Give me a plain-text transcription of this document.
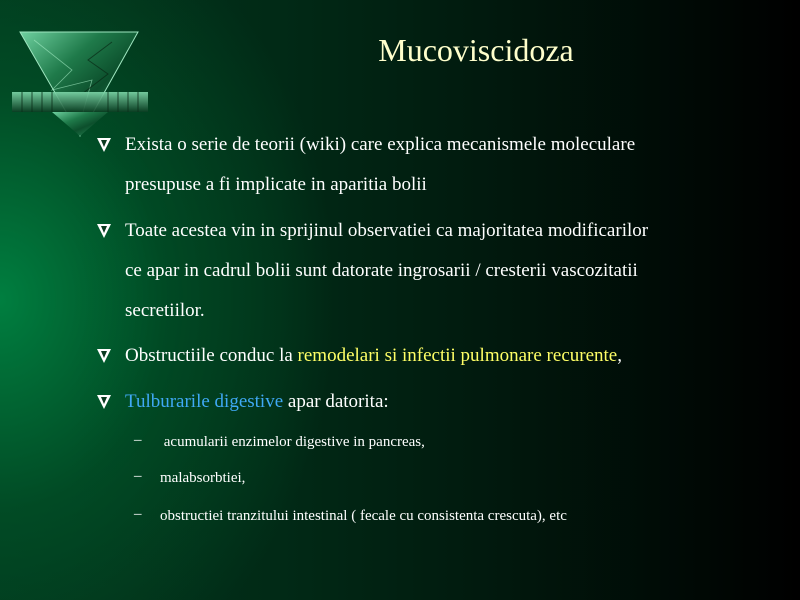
Mucoviscidoza
Exista o serie de teorii (wiki) care explica mecanismele moleculare
presupuse a fi implicate in aparitia bolii
Toate acestea vin in sprijinul observatiei ca majoritatea modificarilor
ce apar in cadrul bolii sunt datorate ingrosarii / cresterii vascozitatii
secretiilor.
Obstructiile conduc la remodelari si infectii pulmonare recurente,
Tulburarile digestive apar datorita:
– acumularii enzimelor digestive in pancreas,
– malabsorbtiei,
– obstructiei tranzitului intestinal ( fecale cu consistenta crescuta), etc
